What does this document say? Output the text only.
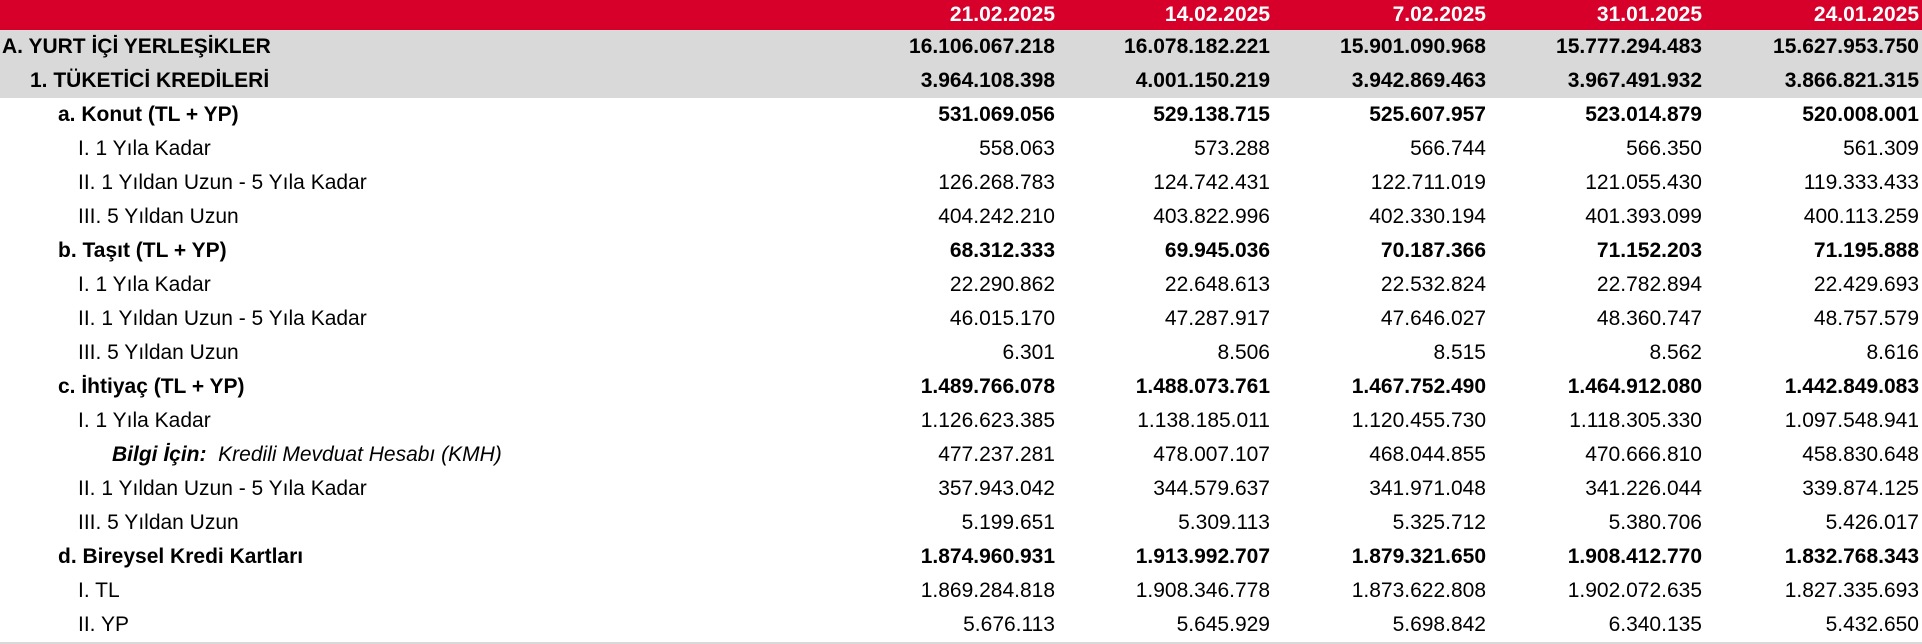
	21.02.2025	14.02.2025	7.02.2025	31.01.2025	24.01.2025
A. YURT İÇİ YERLEŞİKLER	16.106.067.218	16.078.182.221	15.901.090.968	15.777.294.483	15.627.953.750
1. TÜKETİCİ KREDİLERİ	3.964.108.398	4.001.150.219	3.942.869.463	3.967.491.932	3.866.821.315
a. Konut (TL + YP)	531.069.056	529.138.715	525.607.957	523.014.879	520.008.001
I. 1 Yıla Kadar	558.063	573.288	566.744	566.350	561.309
II. 1 Yıldan Uzun - 5 Yıla Kadar	126.268.783	124.742.431	122.711.019	121.055.430	119.333.433
III. 5 Yıldan Uzun	404.242.210	403.822.996	402.330.194	401.393.099	400.113.259
b. Taşıt (TL + YP)	68.312.333	69.945.036	70.187.366	71.152.203	71.195.888
I. 1 Yıla Kadar	22.290.862	22.648.613	22.532.824	22.782.894	22.429.693
II. 1 Yıldan Uzun - 5 Yıla Kadar	46.015.170	47.287.917	47.646.027	48.360.747	48.757.579
III. 5 Yıldan Uzun	6.301	8.506	8.515	8.562	8.616
c. İhtiyaç (TL + YP)	1.489.766.078	1.488.073.761	1.467.752.490	1.464.912.080	1.442.849.083
I. 1 Yıla Kadar	1.126.623.385	1.138.185.011	1.120.455.730	1.118.305.330	1.097.548.941
Bilgi İçin: Kredili Mevduat Hesabı (KMH)	477.237.281	478.007.107	468.044.855	470.666.810	458.830.648
II. 1 Yıldan Uzun - 5 Yıla Kadar	357.943.042	344.579.637	341.971.048	341.226.044	339.874.125
III. 5 Yıldan Uzun	5.199.651	5.309.113	5.325.712	5.380.706	5.426.017
d. Bireysel Kredi Kartları	1.874.960.931	1.913.992.707	1.879.321.650	1.908.412.770	1.832.768.343
I. TL	1.869.284.818	1.908.346.778	1.873.622.808	1.902.072.635	1.827.335.693
II. YP	5.676.113	5.645.929	5.698.842	6.340.135	5.432.650
